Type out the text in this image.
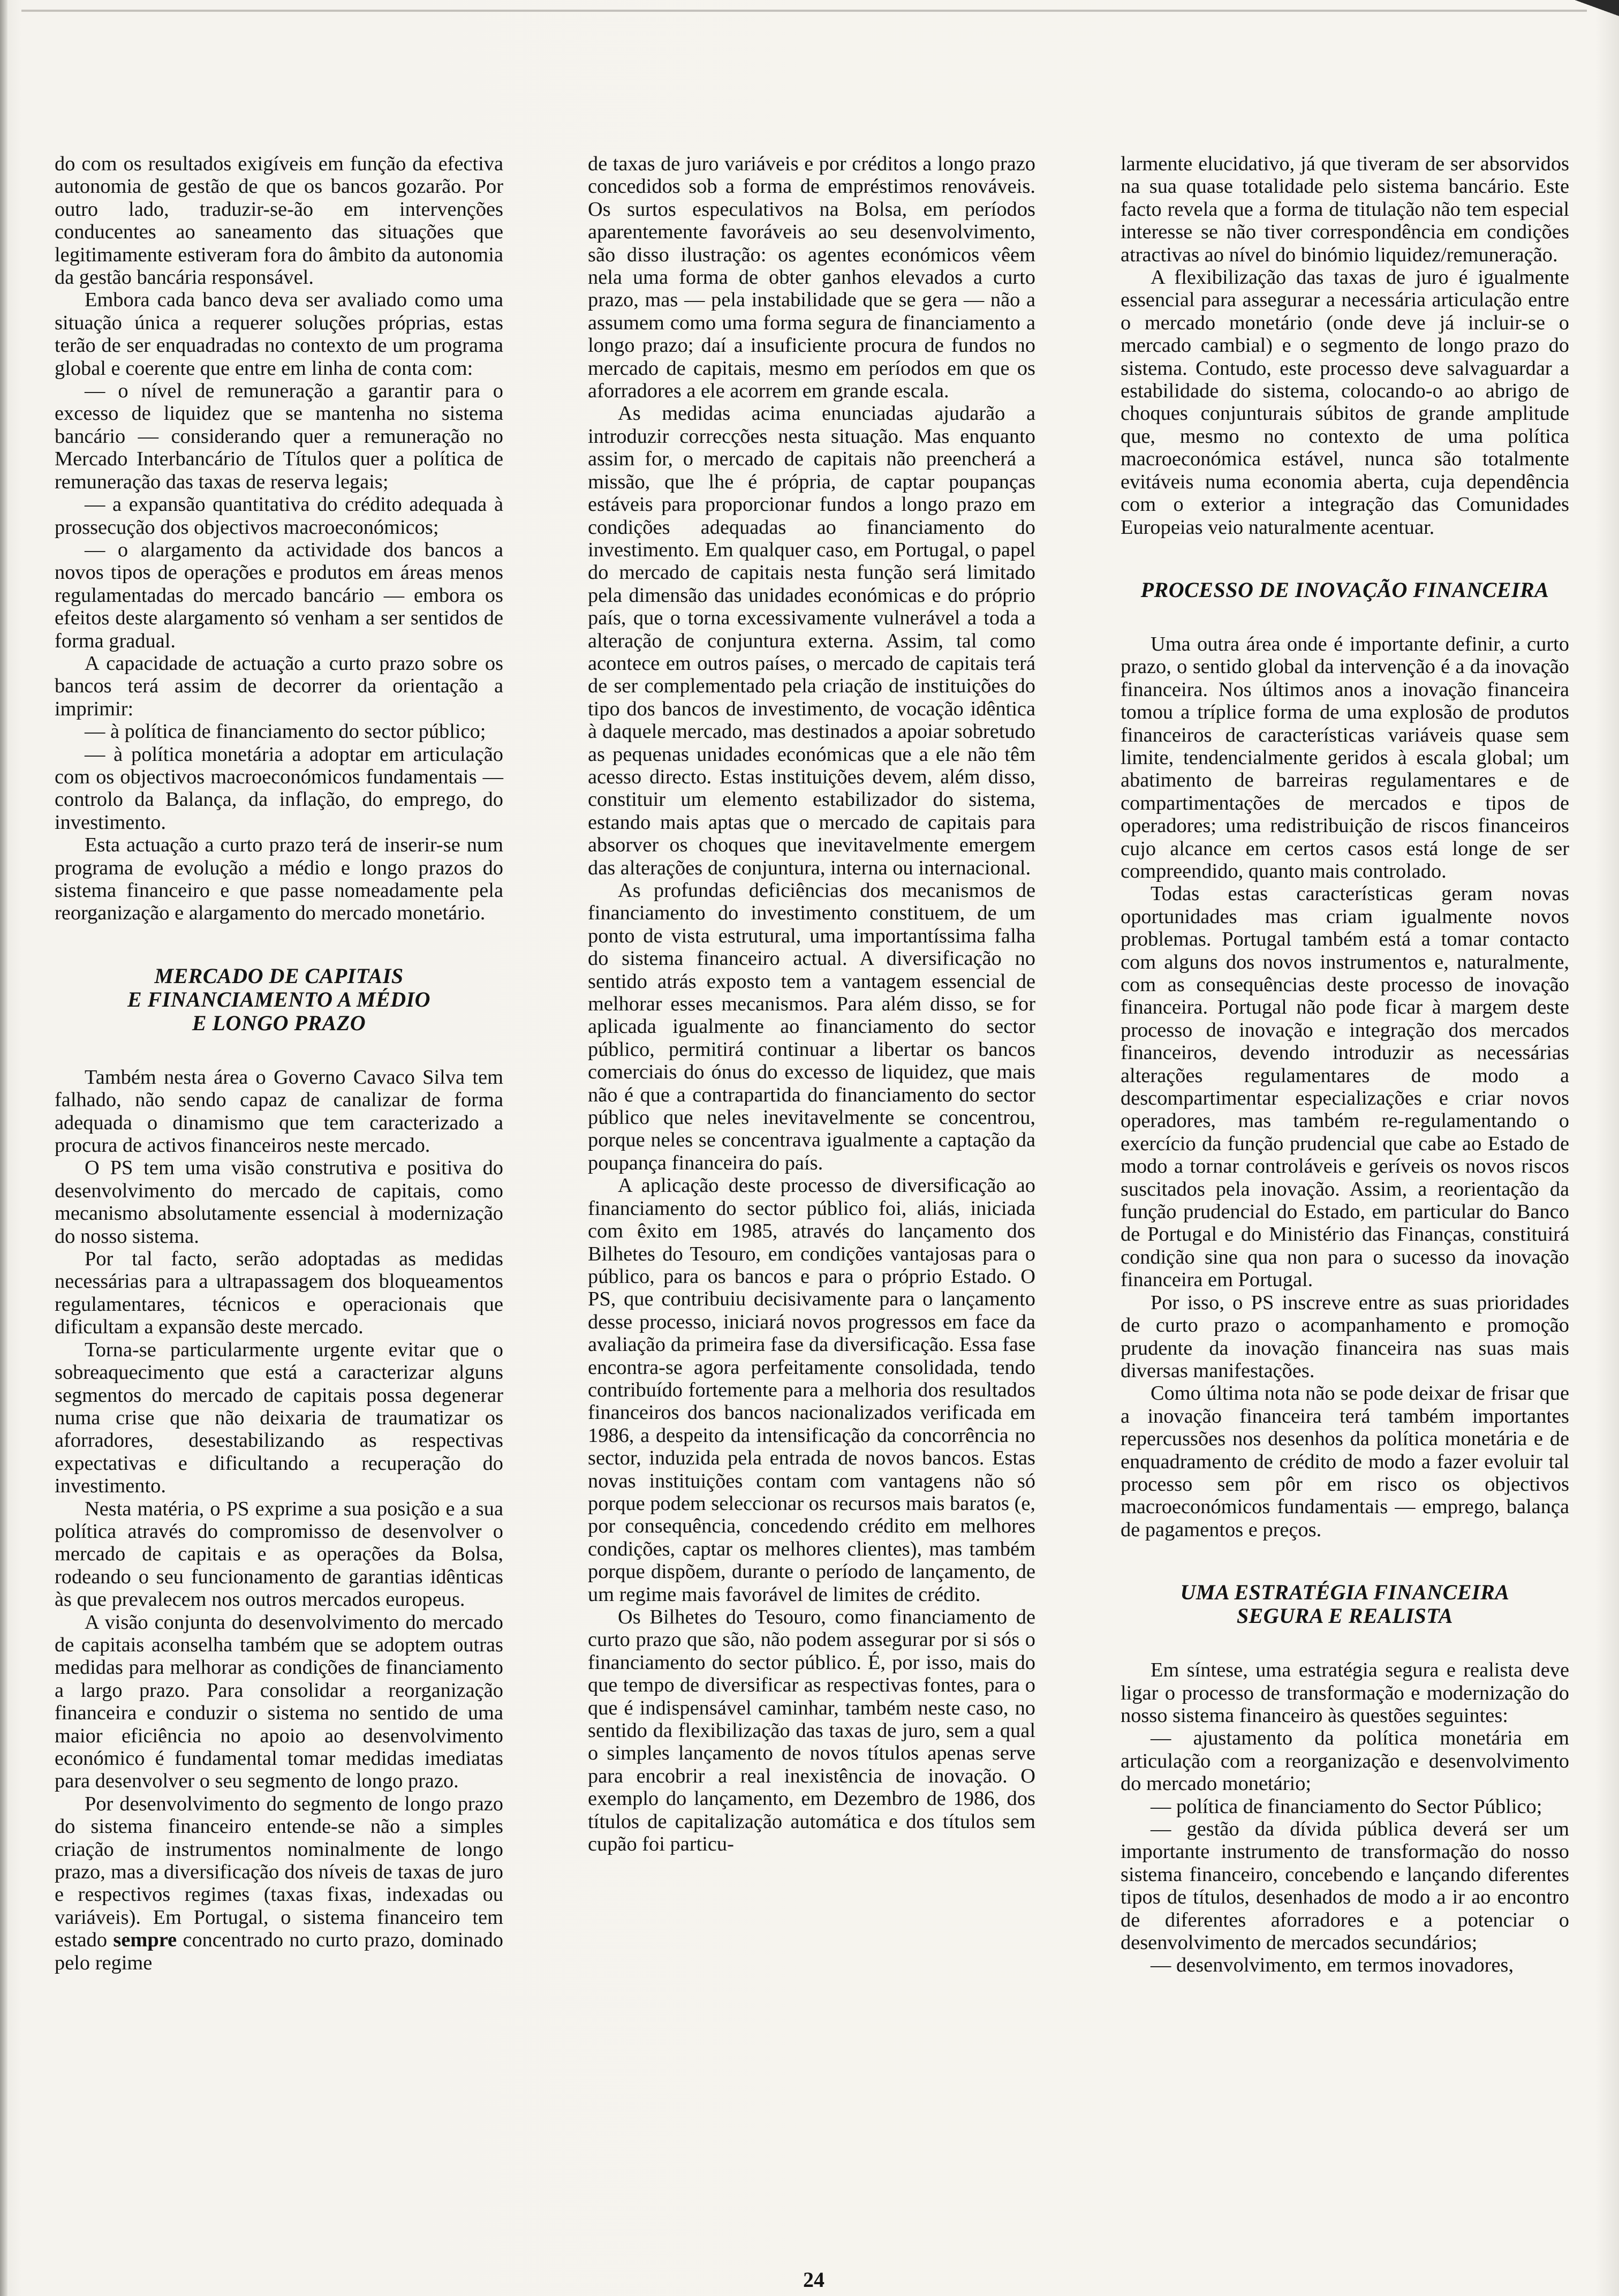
do com os resultados exigíveis em função da efectiva autonomia de gestão de que os bancos gozarão. Por outro lado, traduzir-se-ão em intervenções conducentes ao saneamento das situações que legitimamente estiveram fora do âmbito da autonomia da gestão bancária responsável.

Embora cada banco deva ser avaliado como uma situação única a requerer soluções próprias, estas terão de ser enquadradas no contexto de um programa global e coerente que entre em linha de conta com:

— o nível de remuneração a garantir para o excesso de liquidez que se mantenha no sistema bancário — considerando quer a remuneração no Mercado Interbancário de Títulos quer a política de remuneração das taxas de reserva legais;

— a expansão quantitativa do crédito adequada à prossecução dos objectivos macroeconómicos;

— o alargamento da actividade dos bancos a novos tipos de operações e produtos em áreas menos regulamentadas do mercado bancário — embora os efeitos deste alargamento só venham a ser sentidos de forma gradual.

A capacidade de actuação a curto prazo sobre os bancos terá assim de decorrer da orientação a imprimir:

— à política de financiamento do sector público;

— à política monetária a adoptar em articulação com os objectivos macroeconómicos fundamentais — controlo da Balança, da inflação, do emprego, do investimento.

Esta actuação a curto prazo terá de inserir-se num programa de evolução a médio e longo prazos do sistema financeiro e que passe nomeadamente pela reorganização e alargamento do mercado monetário.

MERCADO DE CAPITAIS
E FINANCIAMENTO A MÉDIO
E LONGO PRAZO

Também nesta área o Governo Cavaco Silva tem falhado, não sendo capaz de canalizar de forma adequada o dinamismo que tem caracterizado a procura de activos financeiros neste mercado.

O PS tem uma visão construtiva e positiva do desenvolvimento do mercado de capitais, como mecanismo absolutamente essencial à modernização do nosso sistema.

Por tal facto, serão adoptadas as medidas necessárias para a ultrapassagem dos bloqueamentos regulamentares, técnicos e operacionais que dificultam a expansão deste mercado.

Torna-se particularmente urgente evitar que o sobreaquecimento que está a caracterizar alguns segmentos do mercado de capitais possa degenerar numa crise que não deixaria de traumatizar os aforradores, desestabilizando as respectivas expectativas e dificultando a recuperação do investimento.

Nesta matéria, o PS exprime a sua posição e a sua política através do compromisso de desenvolver o mercado de capitais e as operações da Bolsa, rodeando o seu funcionamento de garantias idênticas às que prevalecem nos outros mercados europeus.

A visão conjunta do desenvolvimento do mercado de capitais aconselha também que se adoptem outras medidas para melhorar as condições de financiamento a largo prazo. Para consolidar a reorganização financeira e conduzir o sistema no sentido de uma maior eficiência no apoio ao desenvolvimento económico é fundamental tomar medidas imediatas para desenvolver o seu segmento de longo prazo.

Por desenvolvimento do segmento de longo prazo do sistema financeiro entende-se não a simples criação de instrumentos nominalmente de longo prazo, mas a diversificação dos níveis de taxas de juro e respectivos regimes (taxas fixas, indexadas ou variáveis). Em Portugal, o sistema financeiro tem estado sempre concentrado no curto prazo, dominado pelo regime

de taxas de juro variáveis e por créditos a longo prazo concedidos sob a forma de empréstimos renováveis. Os surtos especulativos na Bolsa, em períodos aparentemente favoráveis ao seu desenvolvimento, são disso ilustração: os agentes económicos vêem nela uma forma de obter ganhos elevados a curto prazo, mas — pela instabilidade que se gera — não a assumem como uma forma segura de financiamento a longo prazo; daí a insuficiente procura de fundos no mercado de capitais, mesmo em períodos em que os aforradores a ele acorrem em grande escala.

As medidas acima enunciadas ajudarão a introduzir correcções nesta situação. Mas enquanto assim for, o mercado de capitais não preencherá a missão, que lhe é própria, de captar poupanças estáveis para proporcionar fundos a longo prazo em condições adequadas ao financiamento do investimento. Em qualquer caso, em Portugal, o papel do mercado de capitais nesta função será limitado pela dimensão das unidades económicas e do próprio país, que o torna excessivamente vulnerável a toda a alteração de conjuntura externa. Assim, tal como acontece em outros países, o mercado de capitais terá de ser complementado pela criação de instituições do tipo dos bancos de investimento, de vocação idêntica à daquele mercado, mas destinados a apoiar sobretudo as pequenas unidades económicas que a ele não têm acesso directo. Estas instituições devem, além disso, constituir um elemento estabilizador do sistema, estando mais aptas que o mercado de capitais para absorver os choques que inevitavelmente emergem das alterações de conjuntura, interna ou internacional.

As profundas deficiências dos mecanismos de financiamento do investimento constituem, de um ponto de vista estrutural, uma importantíssima falha do sistema financeiro actual. A diversificação no sentido atrás exposto tem a vantagem essencial de melhorar esses mecanismos. Para além disso, se for aplicada igualmente ao financiamento do sector público, permitirá continuar a libertar os bancos comerciais do ónus do excesso de liquidez, que mais não é que a contrapartida do financiamento do sector público que neles inevitavelmente se concentrou, porque neles se concentrava igualmente a captação da poupança financeira do país.

A aplicação deste processo de diversificação ao financiamento do sector público foi, aliás, iniciada com êxito em 1985, através do lançamento dos Bilhetes do Tesouro, em condições vantajosas para o público, para os bancos e para o próprio Estado. O PS, que contribuiu decisivamente para o lançamento desse processo, iniciará novos progressos em face da avaliação da primeira fase da diversificação. Essa fase encontra-se agora perfeitamente consolidada, tendo contribuído fortemente para a melhoria dos resultados financeiros dos bancos nacionalizados verificada em 1986, a despeito da intensificação da concorrência no sector, induzida pela entrada de novos bancos. Estas novas instituições contam com vantagens não só porque podem seleccionar os recursos mais baratos (e, por consequência, concedendo crédito em melhores condições, captar os melhores clientes), mas também porque dispõem, durante o período de lançamento, de um regime mais favorável de limites de crédito.

Os Bilhetes do Tesouro, como financiamento de curto prazo que são, não podem assegurar por si sós o financiamento do sector público. É, por isso, mais do que tempo de diversificar as respectivas fontes, para o que é indispensável caminhar, também neste caso, no sentido da flexibilização das taxas de juro, sem a qual o simples lançamento de novos títulos apenas serve para encobrir a real inexistência de inovação. O exemplo do lançamento, em Dezembro de 1986, dos títulos de capitalização automática e dos títulos sem cupão foi particu-

larmente elucidativo, já que tiveram de ser absorvidos na sua quase totalidade pelo sistema bancário. Este facto revela que a forma de titulação não tem especial interesse se não tiver correspondência em condições atractivas ao nível do binómio liquidez/remuneração.

A flexibilização das taxas de juro é igualmente essencial para assegurar a necessária articulação entre o mercado monetário (onde deve já incluir-se o mercado cambial) e o segmento de longo prazo do sistema. Contudo, este processo deve salvaguardar a estabilidade do sistema, colocando-o ao abrigo de choques conjunturais súbitos de grande amplitude que, mesmo no contexto de uma política macroeconómica estável, nunca são totalmente evitáveis numa economia aberta, cuja dependência com o exterior a integração das Comunidades Europeias veio naturalmente acentuar.

PROCESSO DE INOVAÇÃO FINANCEIRA

Uma outra área onde é importante definir, a curto prazo, o sentido global da intervenção é a da inovação financeira. Nos últimos anos a inovação financeira tomou a tríplice forma de uma explosão de produtos financeiros de características variáveis quase sem limite, tendencialmente geridos à escala global; um abatimento de barreiras regulamentares e de compartimentações de mercados e tipos de operadores; uma redistribuição de riscos financeiros cujo alcance em certos casos está longe de ser compreendido, quanto mais controlado.

Todas estas características geram novas oportunidades mas criam igualmente novos problemas. Portugal também está a tomar contacto com alguns dos novos instrumentos e, naturalmente, com as consequências deste processo de inovação financeira. Portugal não pode ficar à margem deste processo de inovação e integração dos mercados financeiros, devendo introduzir as necessárias alterações regulamentares de modo a descompartimentar especializações e criar novos operadores, mas também re-regulamentando o exercício da função prudencial que cabe ao Estado de modo a tornar controláveis e geríveis os novos riscos suscitados pela inovação. Assim, a reorientação da função prudencial do Estado, em particular do Banco de Portugal e do Ministério das Finanças, constituirá condição sine qua non para o sucesso da inovação financeira em Portugal.

Por isso, o PS inscreve entre as suas prioridades de curto prazo o acompanhamento e promoção prudente da inovação financeira nas suas mais diversas manifestações.

Como última nota não se pode deixar de frisar que a inovação financeira terá também importantes repercussões nos desenhos da política monetária e de enquadramento de crédito de modo a fazer evoluir tal processo sem pôr em risco os objectivos macroeconómicos fundamentais — emprego, balança de pagamentos e preços.

UMA ESTRATÉGIA FINANCEIRA
SEGURA E REALISTA

Em síntese, uma estratégia segura e realista deve ligar o processo de transformação e modernização do nosso sistema financeiro às questões seguintes:

— ajustamento da política monetária em articulação com a reorganização e desenvolvimento do mercado monetário;

— política de financiamento do Sector Público;

— gestão da dívida pública deverá ser um importante instrumento de transformação do nosso sistema financeiro, concebendo e lançando diferentes tipos de títulos, desenhados de modo a ir ao encontro de diferentes aforradores e a potenciar o desenvolvimento de mercados secundários;

— desenvolvimento, em termos inovadores,

24
